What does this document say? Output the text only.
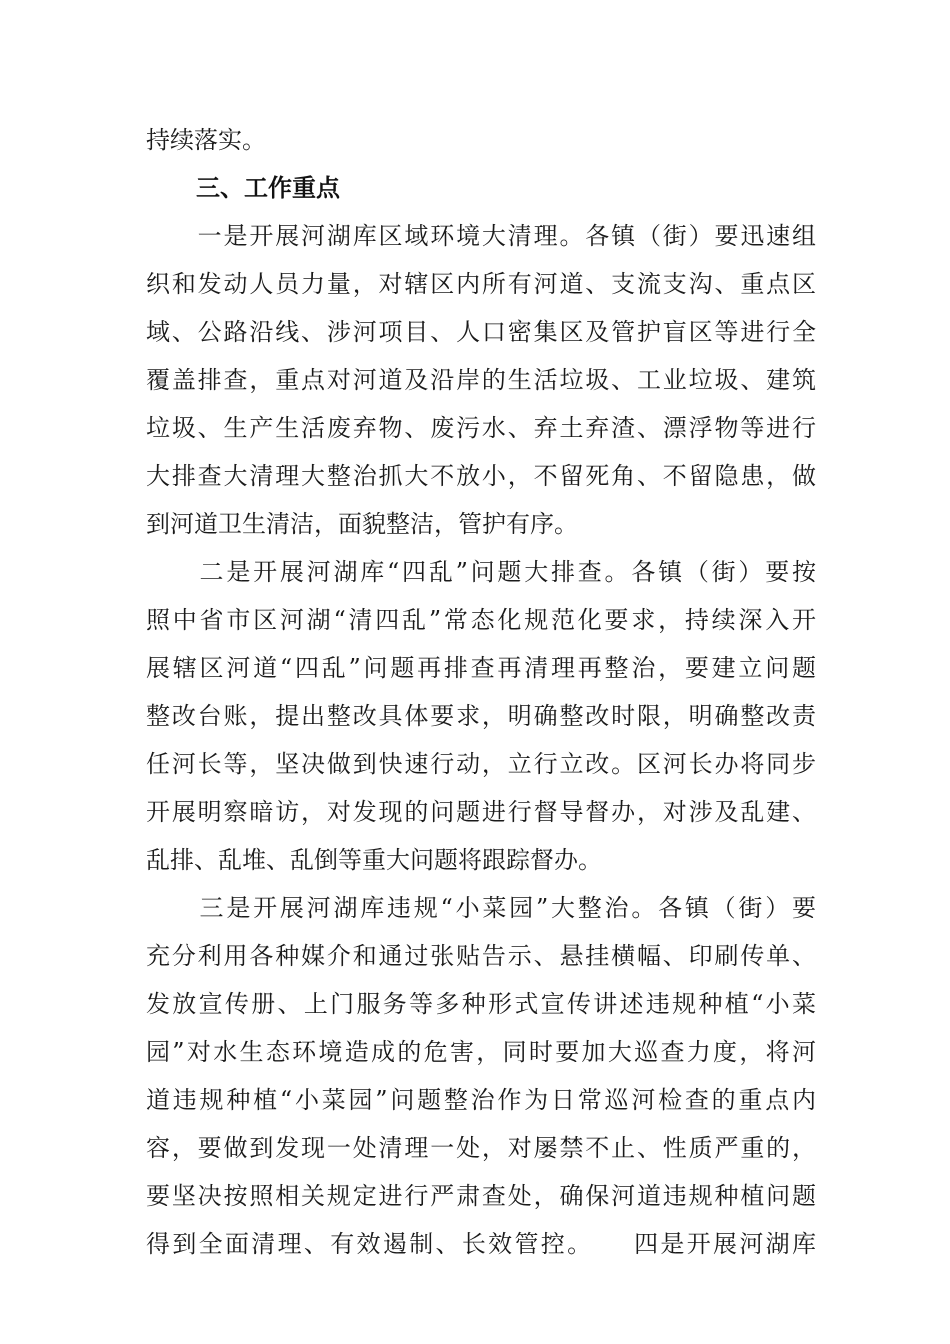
持续落实。
三、工作重点
　　一是开展河湖库区域环境大清理。各镇（街）要迅速组
织和发动人员力量，对辖区内所有河道、支流支沟、重点区
域、公路沿线、涉河项目、人口密集区及管护盲区等进行全
覆盖排查，重点对河道及沿岸的生活垃圾、工业垃圾、建筑
垃圾、生产生活废弃物、废污水、弃土弃渣、漂浮物等进行
大排查大清理大整治抓大不放小，不留死角、不留隐患，做
到河道卫生清洁，面貌整洁，管护有序。
　　二是开展河湖库“四乱”问题大排查。各镇（街）要按
照中省市区河湖“清四乱”常态化规范化要求，持续深入开
展辖区河道“四乱”问题再排查再清理再整治，要建立问题
整改台账，提出整改具体要求，明确整改时限，明确整改责
任河长等，坚决做到快速行动，立行立改。区河长办将同步
开展明察暗访，对发现的问题进行督导督办，对涉及乱建、
乱排、乱堆、乱倒等重大问题将跟踪督办。
　　三是开展河湖库违规“小菜园”大整治。各镇（街）要
充分利用各种媒介和通过张贴告示、悬挂横幅、印刷传单、
发放宣传册、上门服务等多种形式宣传讲述违规种植“小菜
园”对水生态环境造成的危害，同时要加大巡查力度，将河
道违规种植“小菜园”问题整治作为日常巡河检查的重点内
容，要做到发现一处清理一处，对屡禁不止、性质严重的，
要坚决按照相关规定进行严肃查处，确保河道违规种植问题
得到全面清理、有效遏制、长效管控。　　四是开展河湖库
